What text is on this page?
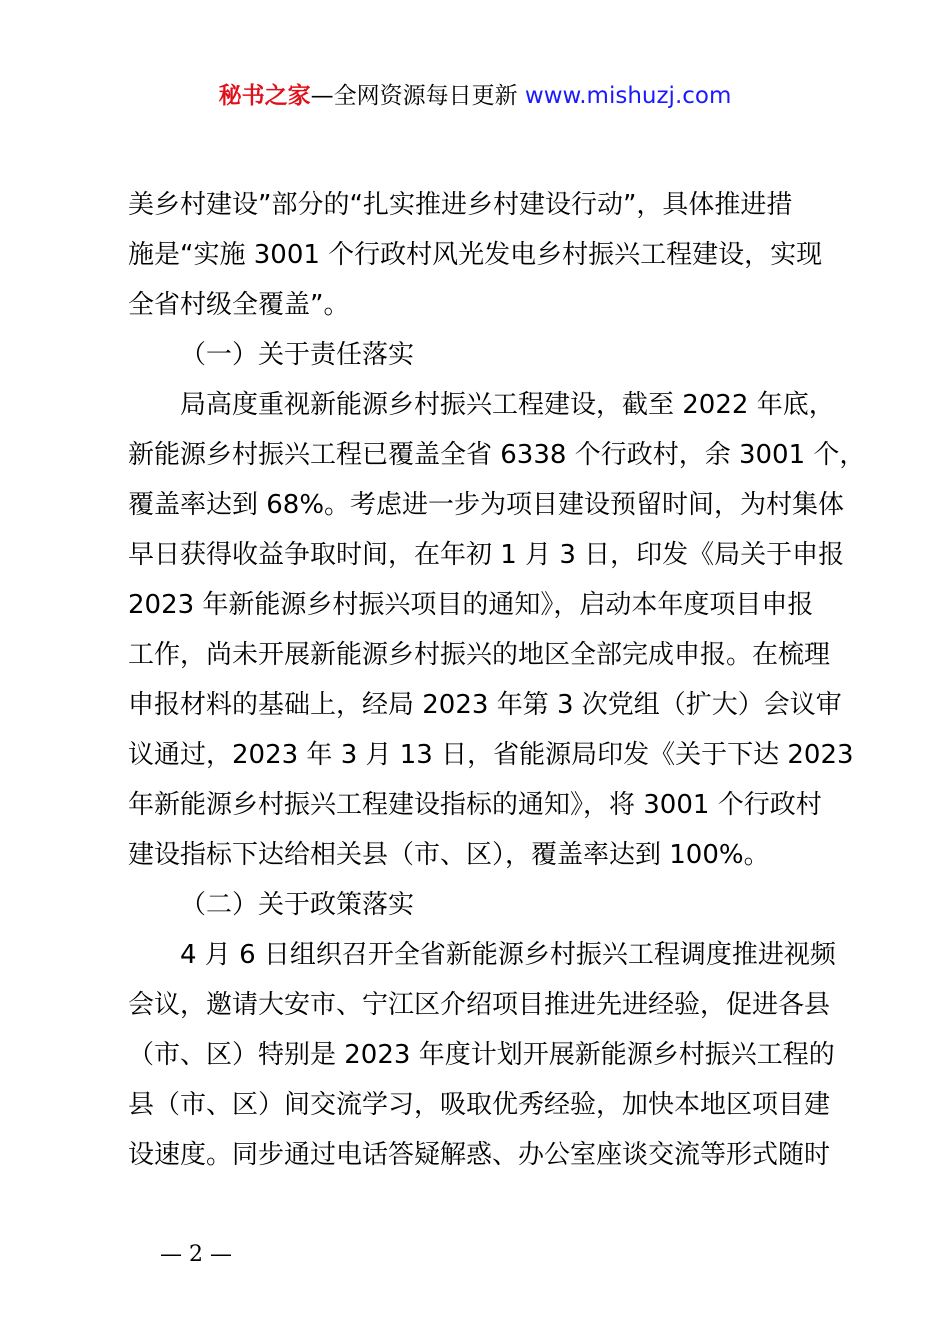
秘书之家—全网资源每日更新 www.mishuzj.com
美乡村建设”部分的“扎实推进乡村建设行动”，具体推进措
施是“实施 3001 个行政村风光发电乡村振兴工程建设，实现
全省村级全覆盖”。
（一）关于责任落实
局高度重视新能源乡村振兴工程建设，截至 2022 年底，
新能源乡村振兴工程已覆盖全省 6338 个行政村，余 3001 个，
覆盖率达到 68%。考虑进一步为项目建设预留时间，为村集体
早日获得收益争取时间，在年初 1 月 3 日，印发《局关于申报
2023 年新能源乡村振兴项目的通知》，启动本年度项目申报
工作，尚未开展新能源乡村振兴的地区全部完成申报。在梳理
申报材料的基础上，经局 2023 年第 3 次党组（扩大）会议审
议通过，2023 年 3 月 13 日，省能源局印发《关于下达 2023
年新能源乡村振兴工程建设指标的通知》，将 3001 个行政村
建设指标下达给相关县（市、区），覆盖率达到 100%。
（二）关于政策落实
4 月 6 日组织召开全省新能源乡村振兴工程调度推进视频
会议，邀请大安市、宁江区介绍项目推进先进经验，促进各县
（市、区）特别是 2023 年度计划开展新能源乡村振兴工程的
县（市、区）间交流学习，吸取优秀经验，加快本地区项目建
设速度。同步通过电话答疑解惑、办公室座谈交流等形式随时
— 2 —
